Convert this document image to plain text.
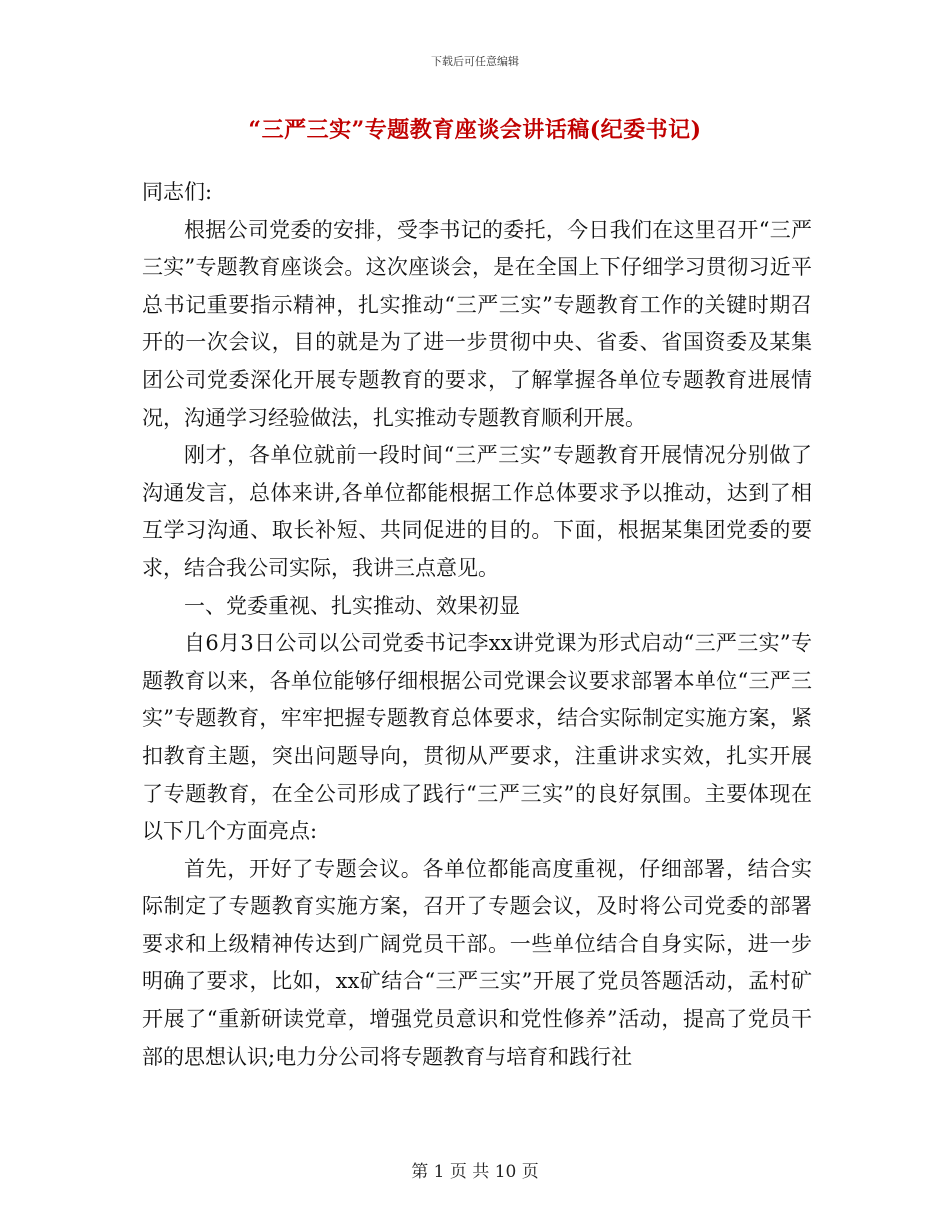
下载后可任意编辑
“三严三实”专题教育座谈会讲话稿(纪委书记)

同志们:

根据公司党委的安排，受李书记的委托，今日我们在这里召开“三严三实”专题教育座谈会。这次座谈会，是在全国上下仔细学习贯彻习近平总书记重要指示精神，扎实推动“三严三实”专题教育工作的关键时期召开的一次会议，目的就是为了进一步贯彻中央、省委、省国资委及某集团公司党委深化开展专题教育的要求，了解掌握各单位专题教育进展情况，沟通学习经验做法，扎实推动专题教育顺利开展。

刚才，各单位就前一段时间“三严三实”专题教育开展情况分别做了沟通发言，总体来讲,各单位都能根据工作总体要求予以推动，达到了相互学习沟通、取长补短、共同促进的目的。下面，根据某集团党委的要求，结合我公司实际，我讲三点意见。

一、党委重视、扎实推动、效果初显

自6月3日公司以公司党委书记李xx讲党课为形式启动“三严三实”专题教育以来，各单位能够仔细根据公司党课会议要求部署本单位“三严三实”专题教育，牢牢把握专题教育总体要求，结合实际制定实施方案，紧扣教育主题，突出问题导向，贯彻从严要求，注重讲求实效，扎实开展了专题教育，在全公司形成了践行“三严三实”的良好氛围。主要体现在以下几个方面亮点:

首先，开好了专题会议。各单位都能高度重视，仔细部署，结合实际制定了专题教育实施方案，召开了专题会议，及时将公司党委的部署要求和上级精神传达到广阔党员干部。一些单位结合自身实际，进一步明确了要求，比如，xx矿结合“三严三实”开展了党员答题活动，孟村矿开展了“重新研读党章，增强党员意识和党性修养”活动，提高了党员干部的思想认识;电力分公司将专题教育与培育和践行社

第 1 页 共 10 页
